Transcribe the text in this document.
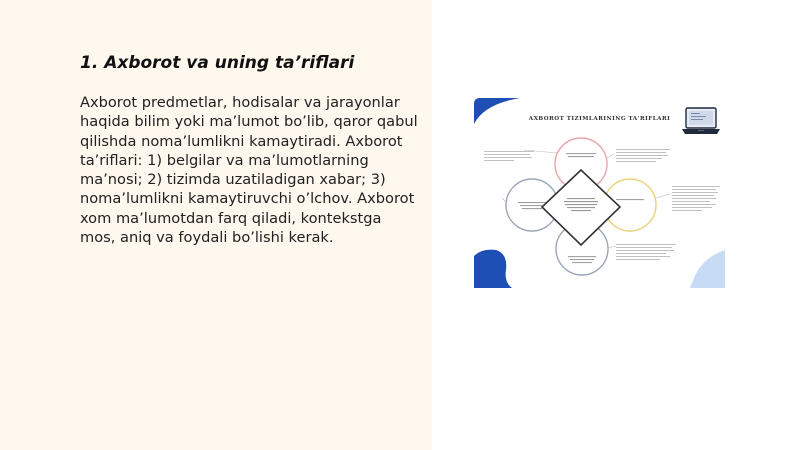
1. Axborot va uning ta’riflari

Axborot predmetlar, hodisalar va jarayonlar haqida bilim yoki ma’lumot bo’lib, qaror qabul qilishda noma’lumlikni kamaytiradi. Axborot ta’riflari: 1) belgilar va ma’lumotlarning ma’nosi; 2) tizimda uzatiladigan xabar; 3) noma’lumlikni kamaytiruvchi o’lchov. Axborot xom ma’lumotdan farq qiladi, kontekstga mos, aniq va foydali bo’lishi kerak.

AXBOROT TIZIMLARINING TA'RIFLARI
